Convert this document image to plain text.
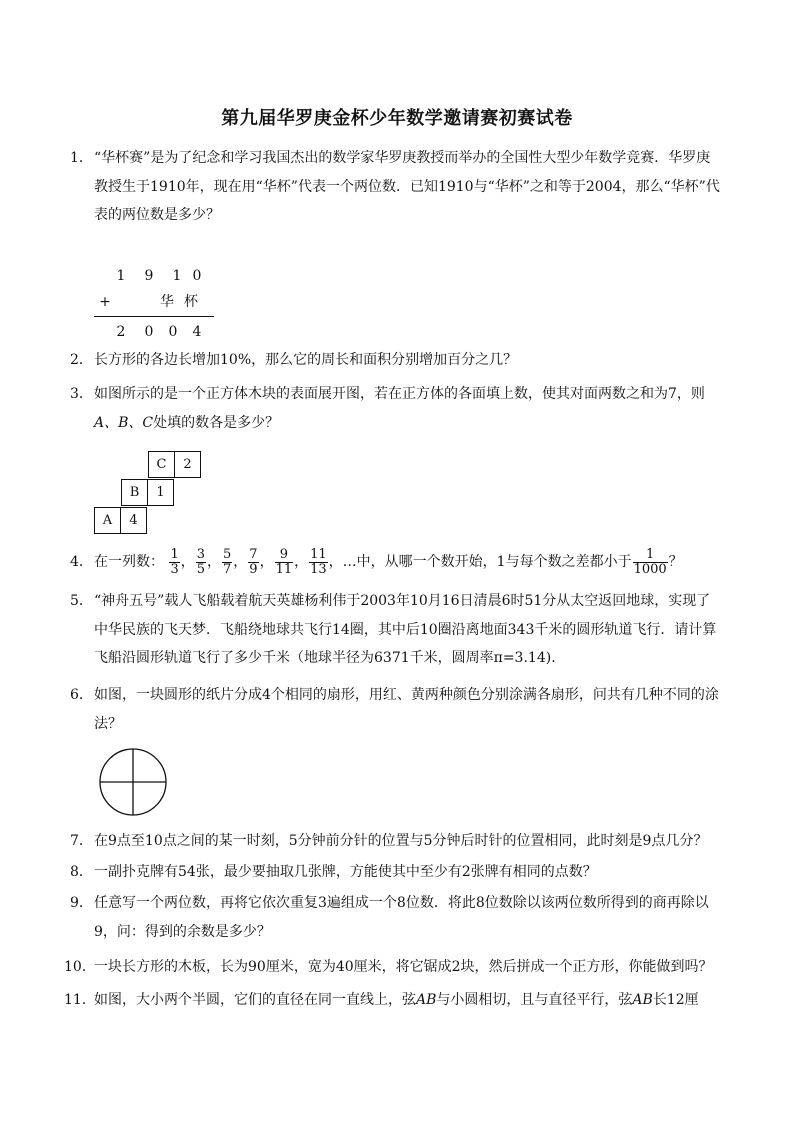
第九届华罗庚金杯少年数学邀请赛初赛试卷
1． “华杯赛”是为了纪念和学习我国杰出的数学家华罗庚教授而举办的全国性大型少年数学竞赛．华罗庚教授生于1910年，现在用“华杯”代表一个两位数．已知1910与“华杯”之和等于2004，那么“华杯”代表的两位数是多少？
1 9 1 0
+	华 杯
2 0 0 4
2． 长方形的各边长增加10%，那么它的周长和面积分别增加百分之几？
3． 如图所示的是一个正方体木块的表面展开图，若在正方体的各面填上数，使其对面两数之和为7，则A、B、C处填的数各是多少？
C	2
B	1
A	4
4． 在一列数： $\frac{1}{3}$ ， $\frac{3}{5}$ ， $\frac{5}{7}$ ， $\frac{7}{9}$ ， $\frac{9}{11}$ ， $\frac{11}{13}$ ，…中，从哪一个数开始，1与每个数之差都小于 $\frac{1}{1000}$ ？
5． “神舟五号”载人飞船载着航天英雄杨利伟于2003年10月16日清晨6时51分从太空返回地球，实现了中华民族的飞天梦．飞船绕地球共飞行14圈，其中后10圈沿离地面343千米的圆形轨道飞行．请计算飞船沿圆形轨道飞行了多少千米（地球半径为6371千米，圆周率π=3.14).
6． 如图，一块圆形的纸片分成4个相同的扇形，用红、黄两种颜色分别涂满各扇形，问共有几种不同的涂法？
7． 在9点至10点之间的某一时刻，5分钟前分针的位置与5分钟后时针的位置相同，此时刻是9点几分？
8． 一副扑克牌有54张，最少要抽取几张牌，方能使其中至少有2张牌有相同的点数？
9． 任意写一个两位数，再将它依次重复3遍组成一个8位数．将此8位数除以该两位数所得到的商再除以9，问：得到的余数是多少？
10．
一块长方形的木板，长为90厘米，宽为40厘米，将它锯成2块，然后拼成一个正方形，你能做到吗？
11．
如图，大小两个半圆，它们的直径在同一直线上，弦AB与小圆相切，且与直径平行，弦AB长12厘
